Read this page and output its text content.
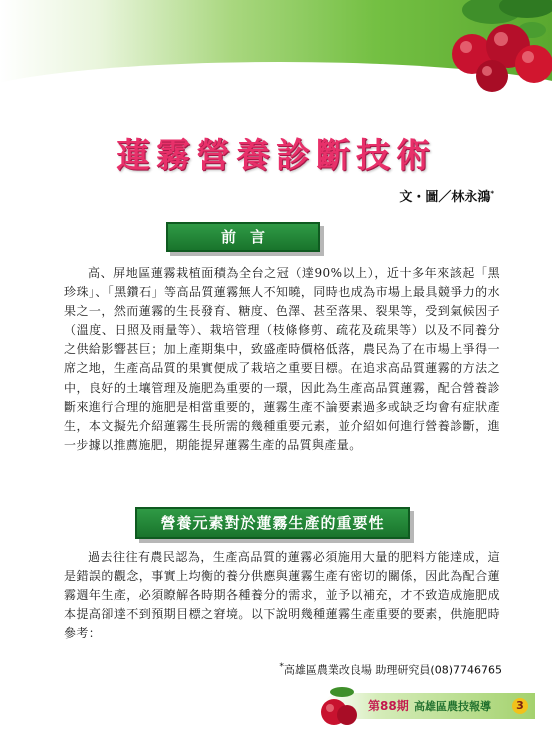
蓮霧營養診斷技術
文・圖／林永鴻*
前言

高、屏地區蓮霧栽植面積為全台之冠（達90%以上），近十多年來該起「黑珍珠」、「黑鑽石」等高品質蓮霧無人不知曉，同時也成為市場上最具競爭力的水果之一，然而蓮霧的生長發育、糖度、色澤、甚至落果、裂果等，受到氣候因子（溫度、日照及雨量等）、栽培管理（枝條修剪、疏花及疏果等）以及不同養分之供給影響甚巨；加上產期集中，致盛產時價格低落，農民為了在市場上爭得一席之地，生產高品質的果實便成了栽培之重要目標。在追求高品質蓮霧的方法之中，良好的土壤管理及施肥為重要的一環，因此為生產高品質蓮霧，配合營養診斷來進行合理的施肥是相當重要的，蓮霧生產不論要素過多或缺乏均會有症狀產生，本文擬先介紹蓮霧生長所需的幾種重要元素，並介紹如何進行營養診斷，進一步據以推薦施肥，期能提昇蓮霧生產的品質與產量。

營養元素對於蓮霧生產的重要性

過去往往有農民認為，生產高品質的蓮霧必須施用大量的肥料方能達成，這是錯誤的觀念，事實上均衡的養分供應與蓮霧生產有密切的關係，因此為配合蓮霧週年生產，必須瞭解各時期各種養分的需求，並予以補充，才不致造成施肥成本提高卻達不到預期目標之窘境。以下說明幾種蓮霧生產重要的要素，供施肥時參考：

*高雄區農業改良場 助理研究員(08)7746765
第88期 高雄區農技報導	3
